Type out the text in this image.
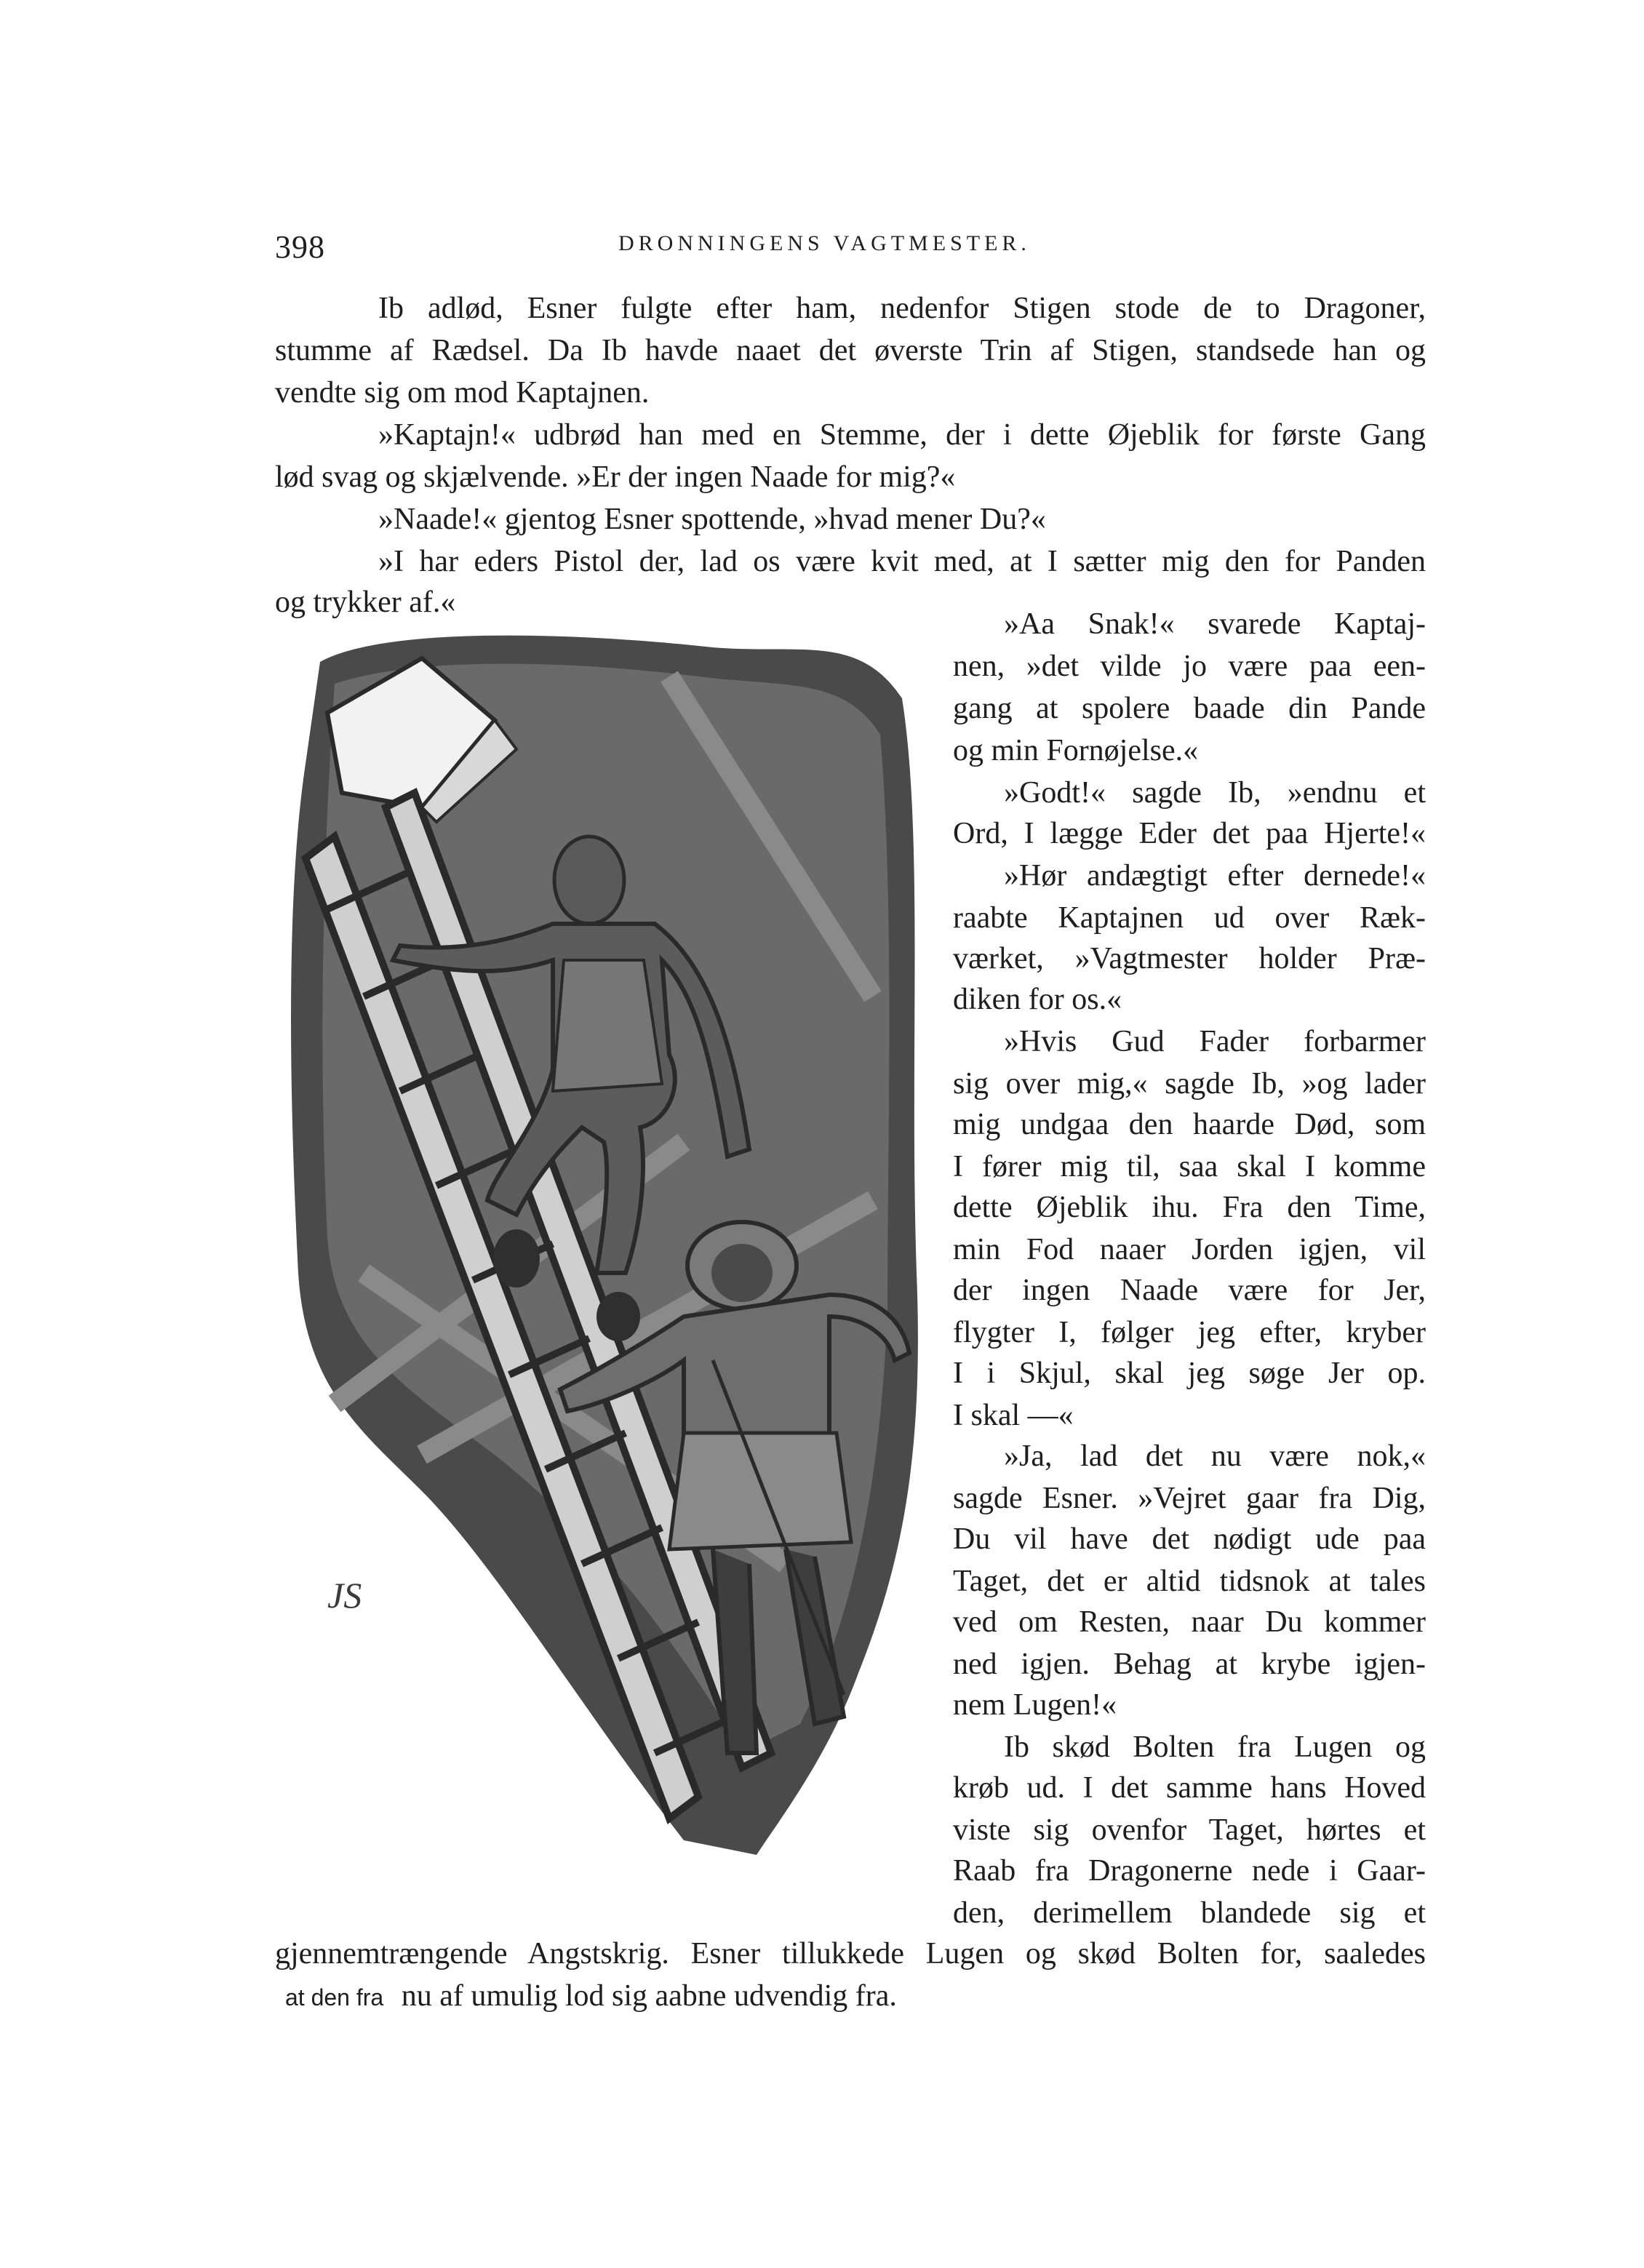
398	DRONNINGENS VAGTMESTER.
Ib adlød, Esner fulgte efter ham, nedenfor Stigen stode de to Dragoner,
stumme af Rædsel. Da Ib havde naaet det øverste Trin af Stigen, standsede han og
vendte sig om mod Kaptajnen.
»Kaptajn!« udbrød han med en Stemme, der i dette Øjeblik for første Gang
lød svag og skjælvende. »Er der ingen Naade for mig?«
»Naade!« gjentog Esner spottende, »hvad mener Du?«
»I har eders Pistol der, lad os være kvit med, at I sætter mig den for Panden
og trykker af.«
JS
»Aa Snak!« svarede Kaptaj-
nen, »det vilde jo være paa een-
gang at spolere baade din Pande
og min Fornøjelse.«
»Godt!« sagde Ib, »endnu et
Ord, I lægge Eder det paa Hjerte!«
»Hør andægtigt efter dernede!«
raabte Kaptajnen ud over Ræk-
værket, »Vagtmester holder Præ-
diken for os.«
»Hvis Gud Fader forbarmer
sig over mig,« sagde Ib, »og lader
mig undgaa den haarde Død, som
I fører mig til, saa skal I komme
dette Øjeblik ihu. Fra den Time,
min Fod naaer Jorden igjen, vil
der ingen Naade være for Jer,
flygter I, følger jeg efter, kryber
I i Skjul, skal jeg søge Jer op.
I skal —«
»Ja, lad det nu være nok,«
sagde Esner. »Vejret gaar fra Dig,
Du vil have det nødigt ude paa
Taget, det er altid tidsnok at tales
ved om Resten, naar Du kommer
ned igjen. Behag at krybe igjen-
nem Lugen!«
Ib skød Bolten fra Lugen og
krøb ud. I det samme hans Hoved
viste sig ovenfor Taget, hørtes et
Raab fra Dragonerne nede i Gaar-
den, derimellem blandede sig et
gjennemtrængende Angstskrig. Esner tillukkede Lugen og skød Bolten for, saaledes
at den fra nu af umulig lod sig aabne udvendig fra.
